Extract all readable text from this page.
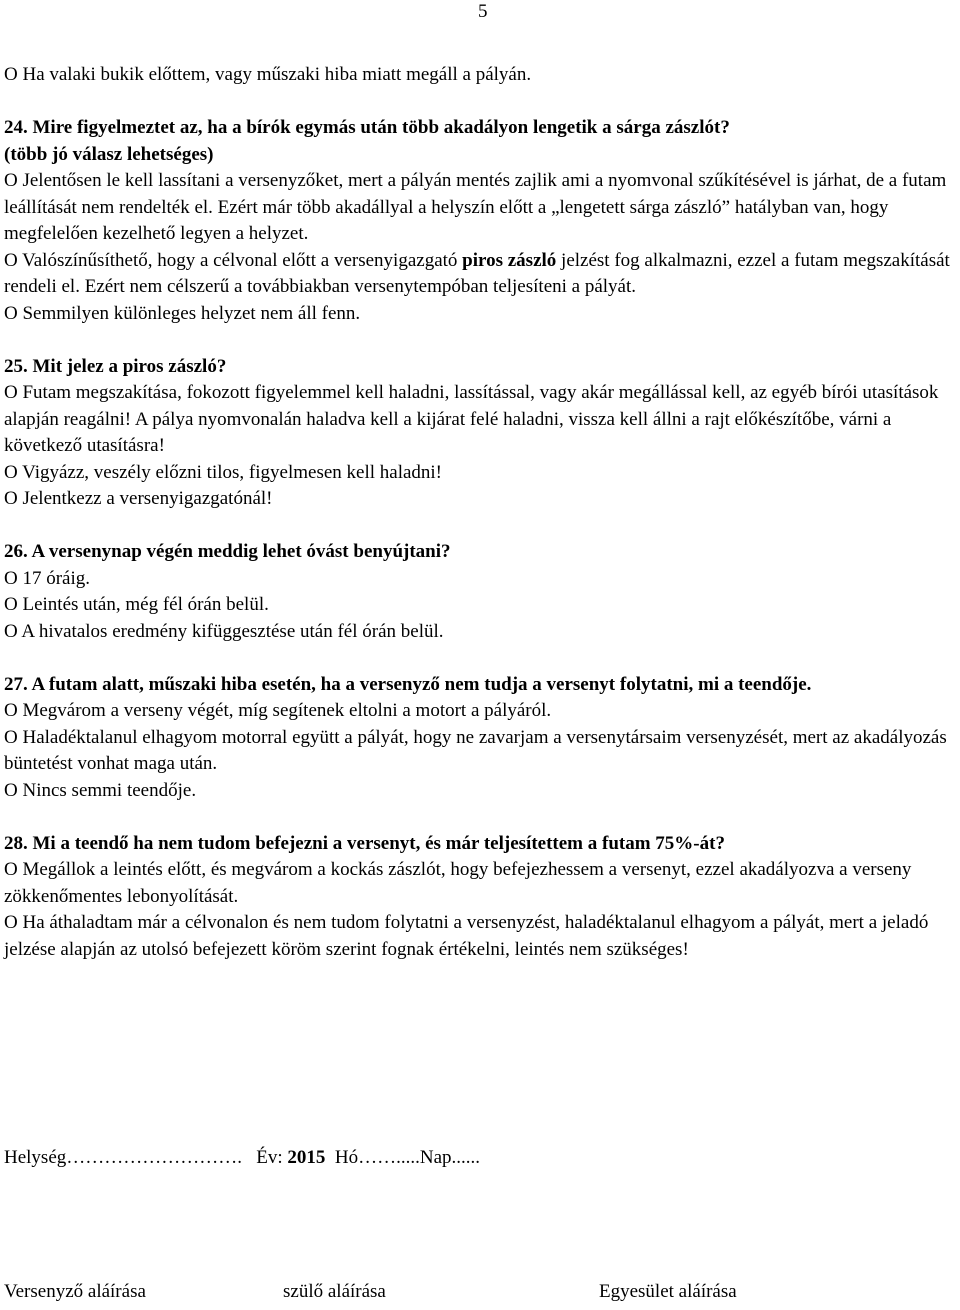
5
O Ha valaki bukik előttem, vagy műszaki hiba miatt megáll a pályán.
24. Mire figyelmeztet az, ha a bírók egymás után több akadályon lengetik a sárga zászlót?
(több jó válasz lehetséges)
O Jelentősen le kell lassítani a versenyzőket, mert a pályán mentés zajlik ami a nyomvonal szűkítésével is járhat, de a futam leállítását nem rendelték el. Ezért már több akadállyal a helyszín előtt a „lengetett sárga zászló” hatályban van, hogy megfelelően kezelhető legyen a helyzet.
O Valószínűsíthető, hogy a célvonal előtt a versenyigazgató piros zászló jelzést fog alkalmazni, ezzel a futam megszakítását rendeli el. Ezért nem célszerű a továbbiakban versenytempóban teljesíteni a pályát.
O Semmilyen különleges helyzet nem áll fenn.
25. Mit jelez a piros zászló?
O Futam megszakítása, fokozott figyelemmel kell haladni, lassítással, vagy akár megállással kell, az egyéb bírói utasítások alapján reagálni! A pálya nyomvonalán haladva kell a kijárat felé haladni, vissza kell állni a rajt előkészítőbe, várni a következő utasításra!
O Vigyázz, veszély előzni tilos, figyelmesen kell haladni!
O Jelentkezz a versenyigazgatónál!
26. A versenynap végén meddig lehet óvást benyújtani?
O 17 óráig.
O Leintés után, még fél órán belül.
O A hivatalos eredmény kifüggesztése után fél órán belül.
27. A futam alatt, műszaki hiba esetén, ha a versenyző nem tudja a versenyt folytatni, mi a teendője.
O Megvárom a verseny végét, míg segítenek eltolni a motort a pályáról.
O Haladéktalanul elhagyom motorral együtt a pályát, hogy ne zavarjam a versenytársaim versenyzését, mert az akadályozás büntetést vonhat maga után.
O Nincs semmi teendője.
28. Mi a teendő ha nem tudom befejezni a versenyt, és már teljesítettem a futam 75%-át?
O Megállok a leintés előtt, és megvárom a kockás zászlót, hogy befejezhessem a versenyt, ezzel akadályozva a verseny zökkenőmentes lebonyolítását.
O Ha áthaladtam már a célvonalon és nem tudom folytatni a versenyzést, haladéktalanul elhagyom a pályát, mert a jeladó jelzése alapján az utolsó befejezett köröm szerint fognak értékelni, leintés nem szükséges!
Helység………………………. Év: 2015 Hó…….....Nap......
Versenyző aláírása	szülő aláírása	Egyesület aláírása
